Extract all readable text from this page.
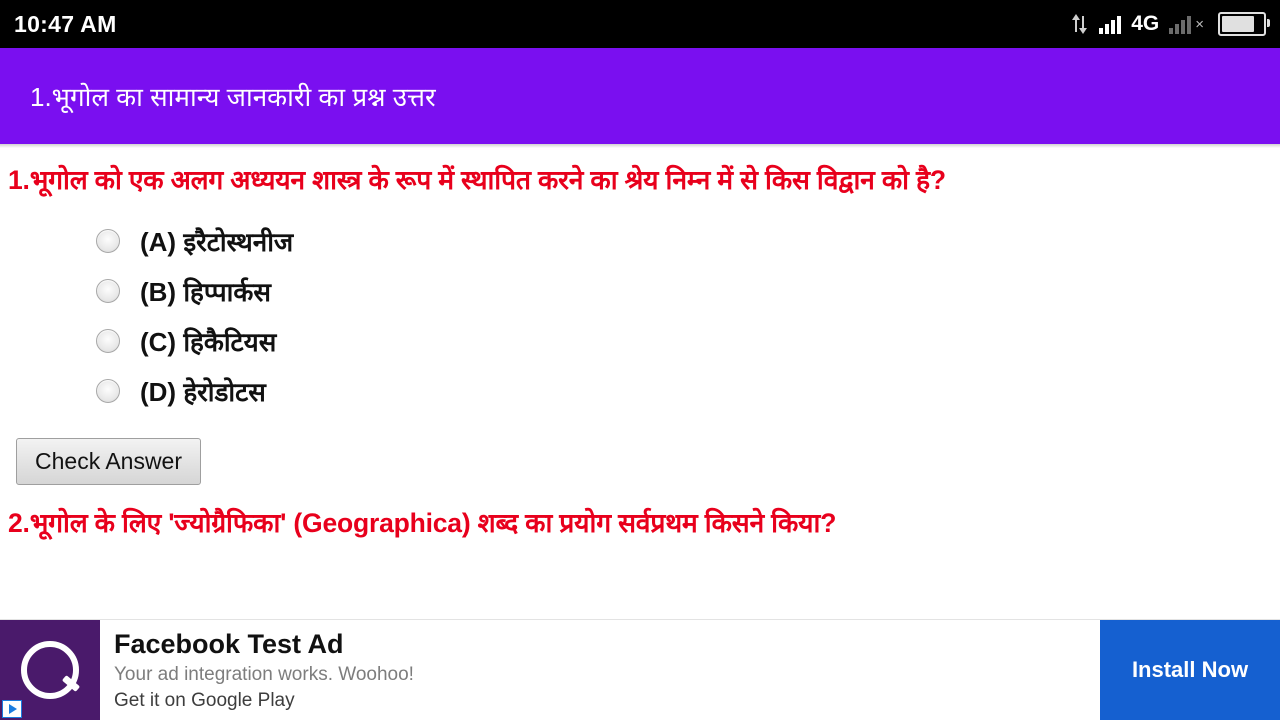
10:47 AM	4G ×
1.भूगोल का सामान्य जानकारी का प्रश्न उत्तर
1.भूगोल को एक अलग अध्ययन शास्त्र के रूप में स्थापित करने का श्रेय निम्न में से किस विद्वान को है?
(A) इरैटोस्थनीज
(B) हिप्पार्कस
(C) हिकैटियस
(D) हेरोडोटस
Check Answer
2.भूगोल के लिए 'ज्योग्रैफिका' (Geographica) शब्द का प्रयोग सर्वप्रथम किसने किया?
Facebook Test Ad
Your ad integration works. Woohoo!
Get it on Google Play
Install Now
